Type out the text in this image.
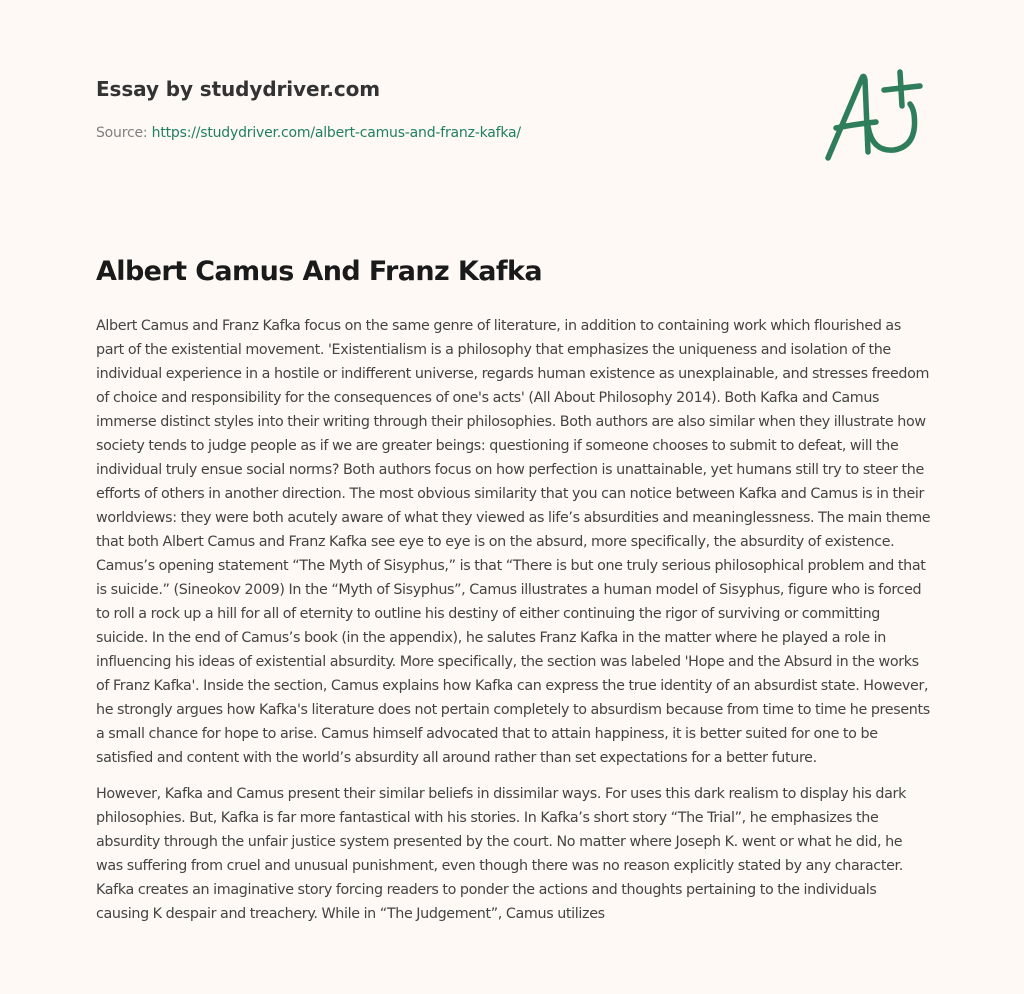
Essay by studydriver.com
Source: https://studydriver.com/albert-camus-and-franz-kafka/
Albert Camus And Franz Kafka

Albert Camus and Franz Kafka focus on the same genre of literature, in addition to containing work which flourished as part of the existential movement. 'Existentialism is a philosophy that emphasizes the uniqueness and isolation of the individual experience in a hostile or indifferent universe, regards human existence as unexplainable, and stresses freedom of choice and responsibility for the consequences of one's acts' (All About Philosophy 2014). Both Kafka and Camus immerse distinct styles into their writing through their philosophies. Both authors are also similar when they illustrate how society tends to judge people as if we are greater beings: questioning if someone chooses to submit to defeat, will the individual truly ensue social norms? Both authors focus on how perfection is unattainable, yet humans still try to steer the efforts of others in another direction. The most obvious similarity that you can notice between Kafka and Camus is in their worldviews: they were both acutely aware of what they viewed as life’s absurdities and meaninglessness. The main theme that both Albert Camus and Franz Kafka see eye to eye is on the absurd, more specifically, the absurdity of existence. Camus’s opening statement “The Myth of Sisyphus,” is that “There is but one truly serious philosophical problem and that is suicide.” (Sineokov 2009) In the “Myth of Sisyphus”, Camus illustrates a human model of Sisyphus, figure who is forced to roll a rock up a hill for all of eternity to outline his destiny of either continuing the rigor of surviving or committing suicide. In the end of Camus’s book (in the appendix), he salutes Franz Kafka in the matter where he played a role in influencing his ideas of existential absurdity. More specifically, the section was labeled 'Hope and the Absurd in the works of Franz Kafka'. Inside the section, Camus explains how Kafka can express the true identity of an absurdist state. However, he strongly argues how Kafka's literature does not pertain completely to absurdism because from time to time he presents a small chance for hope to arise. Camus himself advocated that to attain happiness, it is better suited for one to be satisfied and content with the world’s absurdity all around rather than set expectations for a better future.

However, Kafka and Camus present their similar beliefs in dissimilar ways. For uses this dark realism to display his dark philosophies. But, Kafka is far more fantastical with his stories. In Kafka’s short story “The Trial”, he emphasizes the absurdity through the unfair justice system presented by the court. No matter where Joseph K. went or what he did, he was suffering from cruel and unusual punishment, even though there was no reason explicitly stated by any character. Kafka creates an imaginative story forcing readers to ponder the actions and thoughts pertaining to the individuals causing K despair and treachery. While in “The Judgement”, Camus utilizes
